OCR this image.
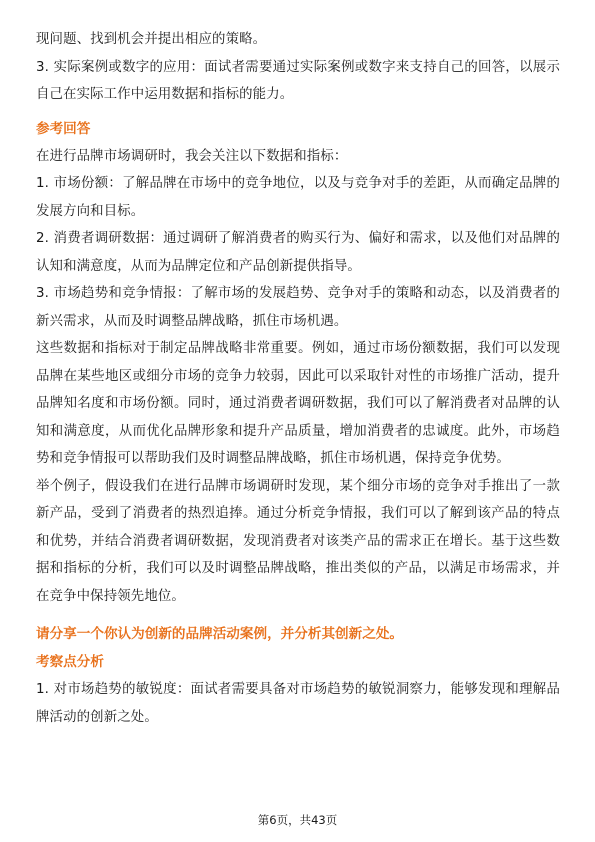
现问题、找到机会并提出相应的策略。

3. 实际案例或数字的应用：面试者需要通过实际案例或数字来支持自己的回答，以展示自己在实际工作中运用数据和指标的能力。

参考回答

在进行品牌市场调研时，我会关注以下数据和指标：

1. 市场份额：了解品牌在市场中的竞争地位，以及与竞争对手的差距，从而确定品牌的发展方向和目标。

2. 消费者调研数据：通过调研了解消费者的购买行为、偏好和需求，以及他们对品牌的认知和满意度，从而为品牌定位和产品创新提供指导。

3. 市场趋势和竞争情报：了解市场的发展趋势、竞争对手的策略和动态，以及消费者的新兴需求，从而及时调整品牌战略，抓住市场机遇。

这些数据和指标对于制定品牌战略非常重要。例如，通过市场份额数据，我们可以发现品牌在某些地区或细分市场的竞争力较弱，因此可以采取针对性的市场推广活动，提升品牌知名度和市场份额。同时，通过消费者调研数据，我们可以了解消费者对品牌的认知和满意度，从而优化品牌形象和提升产品质量，增加消费者的忠诚度。此外，市场趋势和竞争情报可以帮助我们及时调整品牌战略，抓住市场机遇，保持竞争优势。

举个例子，假设我们在进行品牌市场调研时发现，某个细分市场的竞争对手推出了一款新产品，受到了消费者的热烈追捧。通过分析竞争情报，我们可以了解到该产品的特点和优势，并结合消费者调研数据，发现消费者对该类产品的需求正在增长。基于这些数据和指标的分析，我们可以及时调整品牌战略，推出类似的产品，以满足市场需求，并在竞争中保持领先地位。

请分享一个你认为创新的品牌活动案例，并分析其创新之处。

考察点分析

1. 对市场趋势的敏锐度：面试者需要具备对市场趋势的敏锐洞察力，能够发现和理解品牌活动的创新之处。

第6页，共43页
